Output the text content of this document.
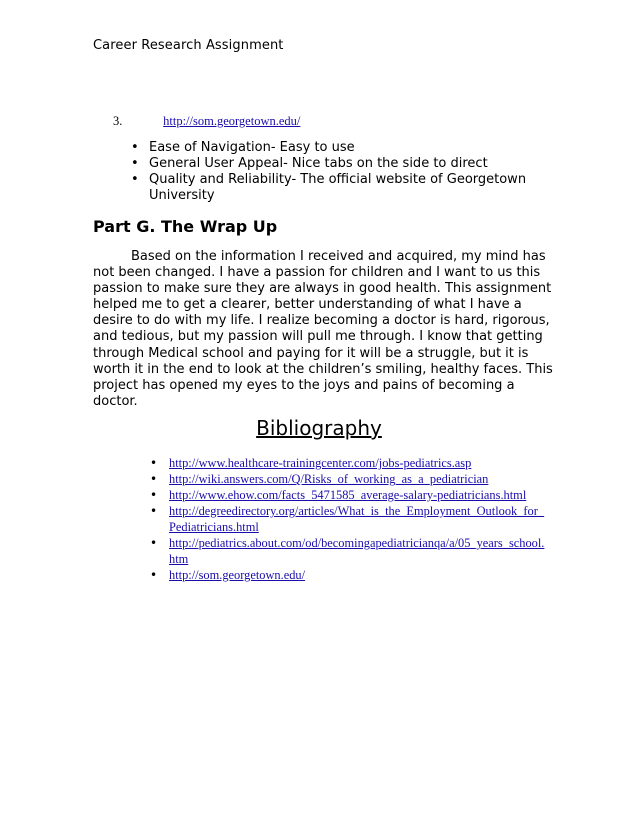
Career Research Assignment
3.	http://som.georgetown.edu/
• Ease of Navigation- Easy to use
• General User Appeal- Nice tabs on the side to direct
• Quality and Reliability- The official website of Georgetown University
Part G. The Wrap Up

Based on the information I received and acquired, my mind has not been changed. I have a passion for children and I want to us this passion to make sure they are always in good health. This assignment helped me to get a clearer, better understanding of what I have a desire to do with my life. I realize becoming a doctor is hard, rigorous, and tedious, but my passion will pull me through. I know that getting through Medical school and paying for it will be a struggle, but it is worth it in the end to look at the children’s smiling, healthy faces. This project has opened my eyes to the joys and pains of becoming a doctor.

Bibliography
• http://www.healthcare-trainingcenter.com/jobs-pediatrics.asp
• http://wiki.answers.com/Q/Risks_of_working_as_a_pediatrician
• http://www.ehow.com/facts_5471585_average-salary-pediatricians.html
• http://degreedirectory.org/articles/What_is_the_Employment_Outlook_for_Pediatricians.html
• http://pediatrics.about.com/od/becomingapediatricianqa/a/05_years_school.htm
• http://som.georgetown.edu/
